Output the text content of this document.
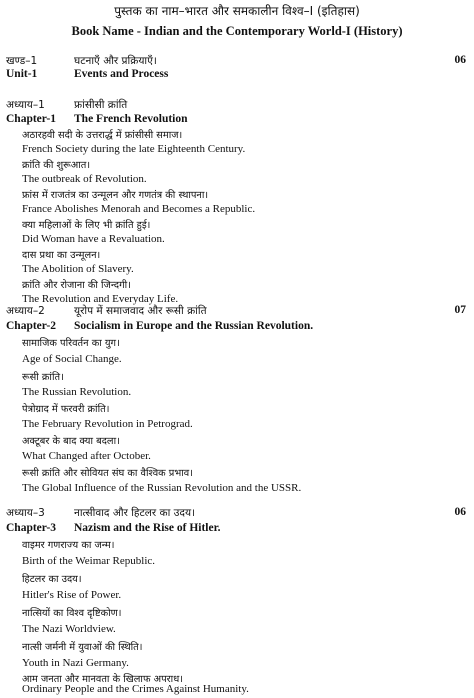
पुस्तक का नाम–भारत और समकालीन विश्व–I (इतिहास)
Book Name - Indian and the Contemporary World-I (History)
खण्ड–1	घटनाएँ और प्रक्रियाएँ।	06
Unit-1	Events and Process
अध्याय–1	फ्रांसीसी क्रांति
Chapter-1 The French Revolution
अठारहवी सदी के उत्तरार्द्ध में फ्रांसीसी समाज।
French Society during the late Eighteenth Century.
क्रांति की शुरूआत।
The outbreak of Revolution.
फ्रांस में राजतंत्र का उन्मूलन और गणतंत्र की स्थापना।
France Abolishes Menorah and Becomes a Republic.
क्या महिलाओं के लिए भी क्रांति हुई।
Did Woman have a Revaluation.
दास प्रथा का उन्मूलन।
The Abolition of Slavery.
क्रांति और रोजाना की जिन्दगी।
The Revolution and Everyday Life.
अध्याय–2	यूरोप में समाजवाद और रूसी क्रांति	07
Chapter-2 Socialism in Europe and the Russian Revolution.
सामाजिक परिवर्तन का युग।
Age of Social Change.
रूसी क्रांति।
The Russian Revolution.
पेत्रोग्राद में फरवरी क्रांति।
The February Revolution in Petrograd.
अक्टूबर के बाद क्या बदला।
What Changed after October.
रूसी क्रांति और सोवियत संघ का वैश्विक प्रभाव।
The Global Influence of the Russian Revolution and the USSR.
अध्याय–3	नात्सीवाद और हिटलर का उदय।	06
Chapter-3 Nazism and the Rise of Hitler.
वाइमर गणराज्य का जन्म।
Birth of the Weimar Republic.
हिटलर का उदय।
Hitler's Rise of Power.
नात्सियों का विश्व दृष्टिकोण।
The Nazi Worldview.
नात्सी जर्मनी में युवाओं की स्थिति।
Youth in Nazi Germany.
आम जनता और मानवता के खिलाफ अपराध।
Ordinary People and the Crimes Against Humanity.
